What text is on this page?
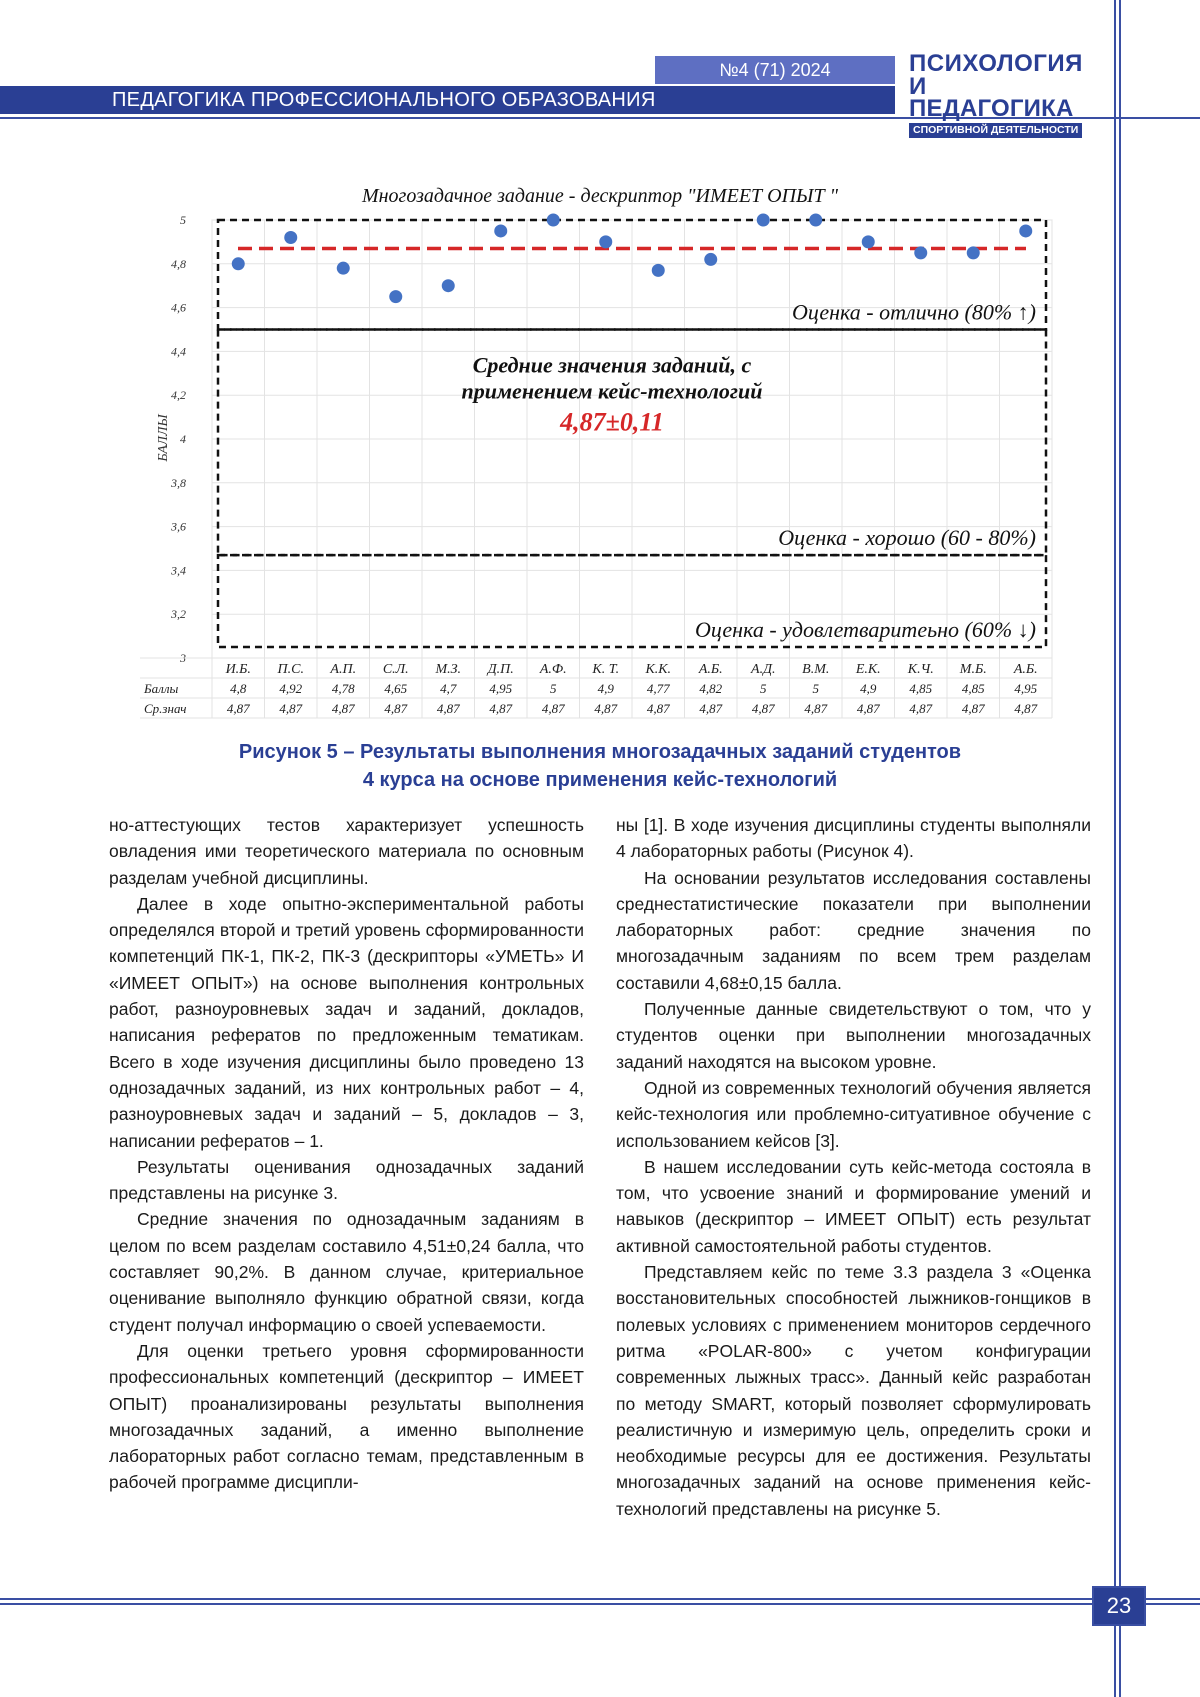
№4 (71) 2024
ПЕДАГОГИКА ПРОФЕССИОНАЛЬНОГО ОБРАЗОВАНИЯ
ПСИХОЛОГИЯ
И ПЕДАГОГИКА
СПОРТИВНОЙ ДЕЯТЕЛЬНОСТИ
5
4,8
4,6
4,4
4,2
4
3,8
3,6
3,4
3,2
3
БАЛЛЫ
Оценка - отлично (80% ↑)
Оценка - хорошо (60 - 80%)
Оценка - удовлетваритеьно (60% ↓)
Средние значения заданий, с
применением кейс-технологий
4,87±0,11
И.Б. П.С. А.П. С.Л. М.З. Д.П. А.Ф. К. Т. К.К. А.Б. А.Д. В.М. Е.К. К.Ч. М.Б. А.Б.
Баллы	4,8	4,92 4,78 4,65	4,7	4,95	5	4,9	4,77 4,82	5	5	4,9	4,85 4,85 4,95
Ср.знач	4,87 4,87 4,87 4,87 4,87 4,87 4,87 4,87 4,87 4,87 4,87 4,87 4,87 4,87 4,87 4,87
Многозадачное задание - дескриптор "ИМЕЕТ ОПЫТ "
Рисунок 5 – Результаты выполнения многозадачных заданий студентов
4 курса на основе применения кейс-технологий

но-аттестующих тестов характеризует успешность овладения ими теоретического материала по основным разделам учебной дисциплины.

Далее в ходе опытно-экспериментальной работы определялся второй и третий уровень сформированности компетенций ПК-1, ПК-2, ПК-3 (дескрипторы «УМЕТЬ» И «ИМЕЕТ ОПЫТ») на основе выполнения контрольных работ, разноуровневых задач и заданий, докладов, написания рефератов по предложенным тематикам. Всего в ходе изучения дисциплины было проведено 13 однозадачных заданий, из них контрольных работ – 4, разноуровневых задач и заданий – 5, докладов – 3, написании рефератов – 1.

Результаты оценивания однозадачных заданий представлены на рисунке 3.

Средние значения по однозадачным заданиям в целом по всем разделам составило 4,51±0,24 балла, что составляет 90,2%. В данном случае, критериальное оценивание выполняло функцию обратной связи, когда студент получал информацию о своей успеваемости.

Для оценки третьего уровня сформированности профессиональных компетенций (дескриптор – ИМЕЕТ ОПЫТ) проанализированы результаты выполнения многозадачных заданий, а именно выполнение лабораторных работ согласно темам, представленным в рабочей программе дисципли-

ны [1]. В ходе изучения дисциплины студенты выполняли 4 лабораторных работы (Рисунок 4).

На основании результатов исследования составлены среднестатистические показатели при выполнении лабораторных работ: средние значения по многозадачным заданиям по всем трем разделам составили 4,68±0,15 балла.

Полученные данные свидетельствуют о том, что у студентов оценки при выполнении многозадачных заданий находятся на высоком уровне.

Одной из современных технологий обучения является кейс-технология или проблемно-ситуативное обучение с использованием кейсов [3].

В нашем исследовании суть кейс-метода состояла в том, что усвоение знаний и формирование умений и навыков (дескриптор – ИМЕЕТ ОПЫТ) есть результат активной самостоятельной работы студентов.

Представляем кейс по теме 3.3 раздела 3 «Оценка восстановительных способностей лыжников-гонщиков в полевых условиях с применением мониторов сердечного ритма «POLAR-800» с учетом конфигурации современных лыжных трасс». Данный кейс разработан по методу SMART, который позволяет сформулировать реалистичную и измеримую цель, определить сроки и необходимые ресурсы для ее достижения. Результаты многозадачных заданий на основе применения кейс-технологий представлены на рисунке 5.

23
